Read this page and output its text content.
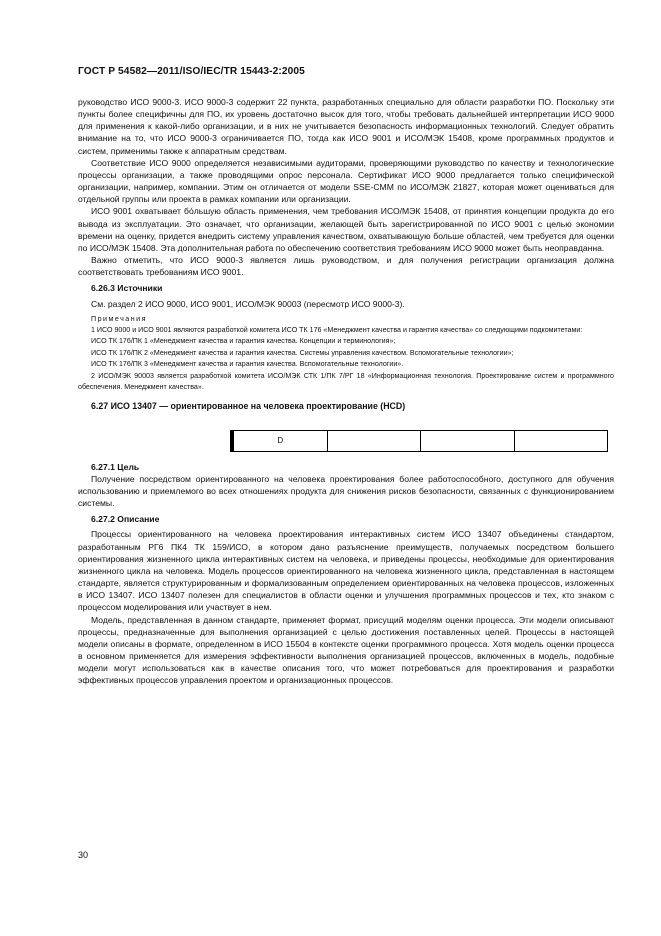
ГОСТ Р 54582—2011/ISO/IEC/TR 15443-2:2005

руководство ИСО 9000-3. ИСО 9000-3 содержит 22 пункта, разработанных специально для области разработки ПО. Поскольку эти пункты более специфичны для ПО, их уровень достаточно высок для того, чтобы требовать дальнейшей интерпретации ИСО 9000 для применения к какой-либо организации, и в них не учитывается безопасность информационных технологий. Следует обратить внимание на то, что ИСО 9000-3 ограничивается ПО, тогда как ИСО 9001 и ИСО/МЭК 15408, кроме программных продуктов и систем, применимы также к аппаратным средствам.

Соответствие ИСО 9000 определяется независимыми аудиторами, проверяющими руководство по качеству и технологические процессы организации, а также проводящими опрос персонала. Сертификат ИСО 9000 предлагается только специфической организации, например, компании. Этим он отличается от модели SSE-CMM по ИСО/МЭК 21827, которая может оцениваться для отдельной группы или проекта в рамках компании или организации.

ИСО 9001 охватывает бо́льшую область применения, чем требования ИСО/МЭК 15408, от принятия концепции продукта до его вывода из эксплуатации. Это означает, что организации, желающей быть зарегистрированной по ИСО 9001 с целью экономии времени на оценку, придется внедрить систему управления качеством, охватывающую больше областей, чем требуется для оценки по ИСО/МЭК 15408. Эта дополнительная работа по обеспечению соответствия требованиям ИСО 9000 может быть неоправданна.

Важно отметить, что ИСО 9000-3 является лишь руководством, и для получения регистрации организация должна соответствовать требованиям ИСО 9001.

6.26.3 Источники

См. раздел 2 ИСО 9000, ИСО 9001, ИСО/МЭК 90003 (пересмотр ИСО 9000-3).

Примечания

1 ИСО 9000 и ИСО 9001 являются разработкой комитета ИСО ТК 176 «Менеджмент качества и гарантия качества» со следующими подкомитетами:

ИСО ТК 176/ПК 1 «Менеджмент качества и гарантия качества. Концепции и терминология»;

ИСО ТК 176/ПК 2 «Менеджмент качества и гарантия качества. Системы управления качеством. Вспомогательные технологии»;

ИСО ТК 176/ПК 3 «Менеджмент качества и гарантия качества. Вспомогательные технологии».

2 ИСО/МЭК 90003 является разработкой комитета ИСО/МЭК СТК 1/ПК 7/РГ 18 «Информационная технология. Проектирование систем и программного обеспечения. Менеджмент качества».

6.27 ИСО 13407 — ориентированное на человека проектирование (HCD)

D

6.27.1 Цель

Получение посредством ориентированного на человека проектирования более работоспособного, доступного для обучения использованию и приемлемого во всех отношениях продукта для снижения рисков безопасности, связанных с функционированием системы.

6.27.2 Описание

Процессы ориентированного на человека проектирования интерактивных систем ИСО 13407 объединены стандартом, разработанным РГ6 ПК4 ТК 159/ИСО, в котором дано разъяснение преимуществ, получаемых посредством большего ориентирования жизненного цикла интерактивных систем на человека, и приведены процессы, необходимые для ориентирования жизненного цикла на человека. Модель процессов ориентированного на человека жизненного цикла, представленная в настоящем стандарте, является структурированным и формализованным определением ориентированных на человека процессов, изложенных в ИСО 13407. ИСО 13407 полезен для специалистов в области оценки и улучшения программных процессов и тех, кто знаком с процессом моделирования или участвует в нем.

Модель, представленная в данном стандарте, применяет формат, присущий моделям оценки процесса. Эти модели описывают процессы, предназначенные для выполнения организацией с целью достижения поставленных целей. Процессы в настоящей модели описаны в формате, определенном в ИСО 15504 в контексте оценки программного процесса. Хотя модель оценки процесса в основном применяется для измерения эффективности выполнения организацией процессов, включенных в модель, подобные модели могут использоваться как в качестве описания того, что может потребоваться для проектирования и разработки эффективных процессов управления проектом и организационных процессов.

30
